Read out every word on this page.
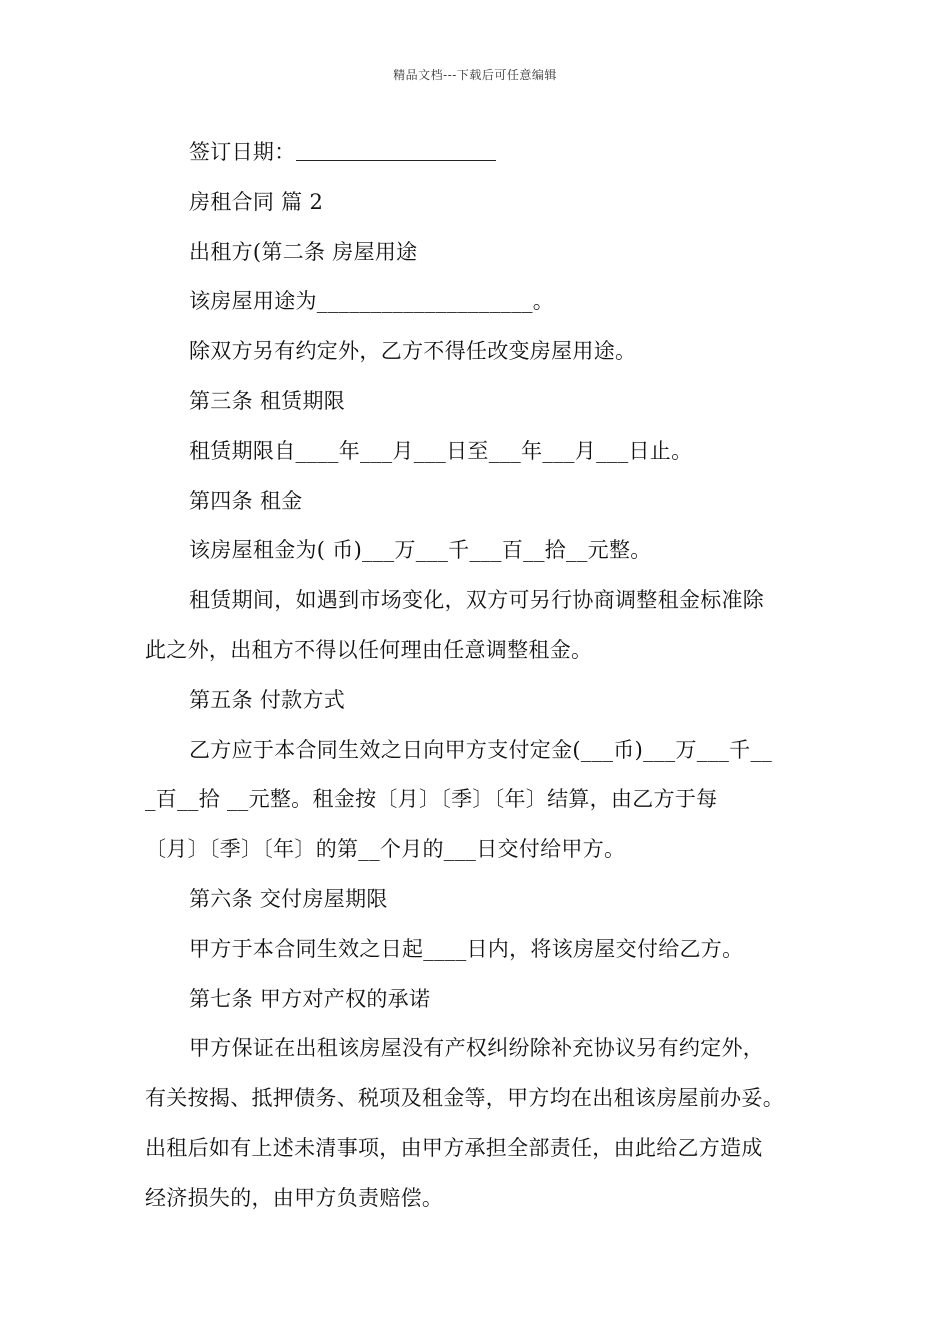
精品文档---下载后可任意编辑
签订日期：
房租合同 篇 2
出租方(第二条 房屋用途
该房屋用途为____________________。
除双方另有约定外，乙方不得任改变房屋用途。
第三条 租赁期限
租赁期限自____年___月___日至___年___月___日止。
第四条 租金
该房屋租金为( 币)___万___千___百__拾__元整。
租赁期间，如遇到市场变化，双方可另行协商调整租金标准除
此之外，出租方不得以任何理由任意调整租金。
第五条 付款方式
乙方应于本合同生效之日向甲方支付定金(___币)___万___千__
_百__拾 __元整。租金按〔月〕〔季〕〔年〕结算，由乙方于每
〔月〕〔季〕〔年〕的第__个月的___日交付给甲方。
第六条 交付房屋期限
甲方于本合同生效之日起____日内，将该房屋交付给乙方。
第七条 甲方对产权的承诺
甲方保证在出租该房屋没有产权纠纷除补充协议另有约定外，
有关按揭、抵押债务、税项及租金等，甲方均在出租该房屋前办妥。
出租后如有上述未清事项，由甲方承担全部责任，由此给乙方造成
经济损失的，由甲方负责赔偿。
